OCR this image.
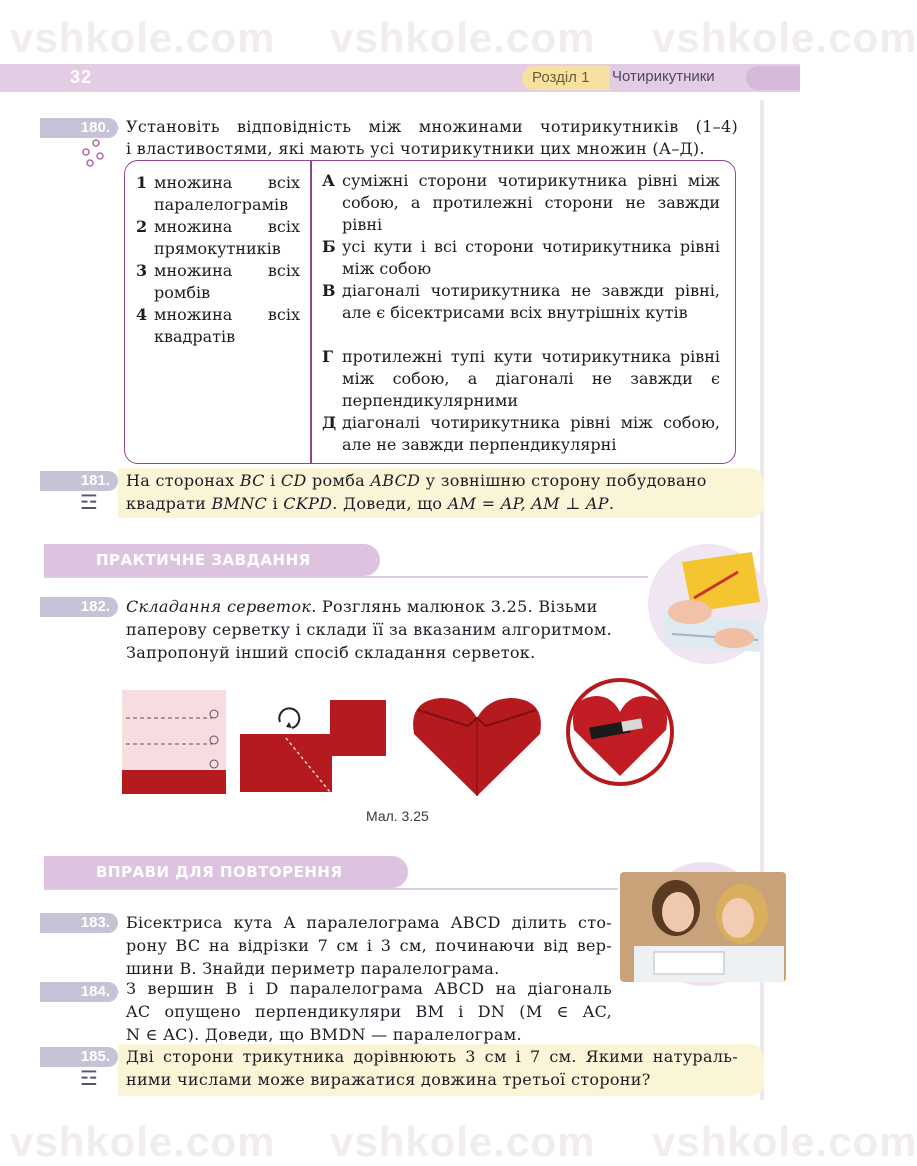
32	Розділ 1	Чотирикутники
180.	Установіть відповідність між множинами чотирикутників (1–4)
і властивостями, які мають усі чотирикутники цих множин (А–Д).
1 множина всіх паралелограмів
2 множина всіх прямокутників
3 множина всіх ромбів
4 множина всіх квадратів
А суміжні сторони чотирикутника рівні між собою, а протилежні сторони не завжди рівні
Б усі кути і всі сторони чотирикутника рівні між собою
В діагоналі чотирикутника не завжди рівні, але є бісектрисами всіх внутрішніх кутів
Г протилежні тупі кути чотирикутника рівні між собою, а діагоналі не завжди є перпендикулярними
Д діагоналі чотирикутника рівні між собою, але не завжди перпендикулярні
181.
☲
На сторонах BC і CD ромба ABCD у зовнішню сторону побудовано
квадрати BMNC і CKPD. Доведи, що AM = AP, AM ⊥ AP.
ПРАКТИЧНЕ ЗАВДАННЯ
182.	Складання серветок. Розглянь малюнок 3.25. Візьми
паперову серветку і склади її за вказаним алгоритмом.
Запропонуй інший спосіб складання серветок.
Мал. 3.25
ВПРАВИ ДЛЯ ПОВТОРЕННЯ
183.	Бісектриса кута A паралелограма ABCD ділить сто-
рону BC на відрізки 7 см і 3 см, починаючи від вер-
шини B. Знайди периметр паралелограма.
184.	З вершин B і D паралелограма ABCD на діагональ
AC опущено перпендикуляри BM і DN (M ∈ AC,
N ∈ AC). Доведи, що BMDN — паралелограм.
185.
☲
Дві сторони трикутника дорівнюють 3 см і 7 см. Якими натураль-
ними числами може виражатися довжина третьої сторони?
vshkole.com vshkole.com vshkole.com
vshkole.com vshkole.com vshkole.com
